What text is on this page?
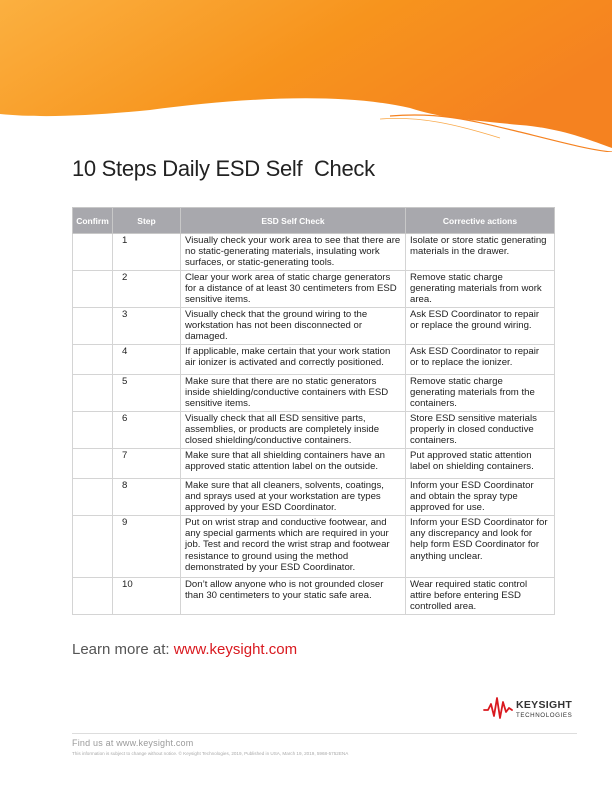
10 Steps Daily ESD Self  Check
Confirm	Step	ESD Self Check	Corrective actions
	1	Visually check your work area to see that there are no static-generating materials, insulating work surfaces, or static-generating tools.	Isolate or store static generating materials in the drawer.
	2	Clear your work area of static charge generators for a distance of at least 30 centimeters from ESD sensitive items.	Remove static charge generating materials from work area.
	3	Visually check that the ground wiring to the workstation has not been disconnected or damaged.	Ask ESD Coordinator to repair or replace the ground wiring.
	4	If applicable, make certain that your work station air ionizer is activated and correctly positioned.	Ask ESD Coordinator to repair or to replace the ionizer.
	5	Make sure that there are no static generators inside shielding/conductive containers with ESD sensitive items.	Remove static charge generating materials from the containers.
	6	Visually check that all ESD sensitive parts, assemblies, or products are completely inside closed shielding/conductive containers.	Store ESD sensitive materials properly in closed conductive containers.
	7	Make sure that all shielding containers have an approved static attention label on the outside.	Put approved static attention label on shielding containers.
	8	Make sure that all cleaners, solvents, coatings, and sprays used at your workstation are types approved by your ESD Coordinator.	Inform your ESD Coordinator and obtain the spray type approved for use.
	9	Put on wrist strap and conductive footwear, and any special garments which are required in your job. Test and record the wrist strap and footwear resistance to ground using the method demonstrated by your ESD Coordinator.	Inform your ESD Coordinator for any discrepancy and look for help form ESD Coordinator for anything unclear.
	10	Don’t allow anyone who is not grounded closer than 30 centimeters to your static safe area.	Wear required static control attire before entering ESD controlled area.
Learn more at: www.keysight.com
KEYSIGHT
TECHNOLOGIES
Find us at www.keysight.com
This information is subject to change without notice. © Keysight Technologies, 2019, Published in USA, March 19, 2019, 5968-5752ENA
